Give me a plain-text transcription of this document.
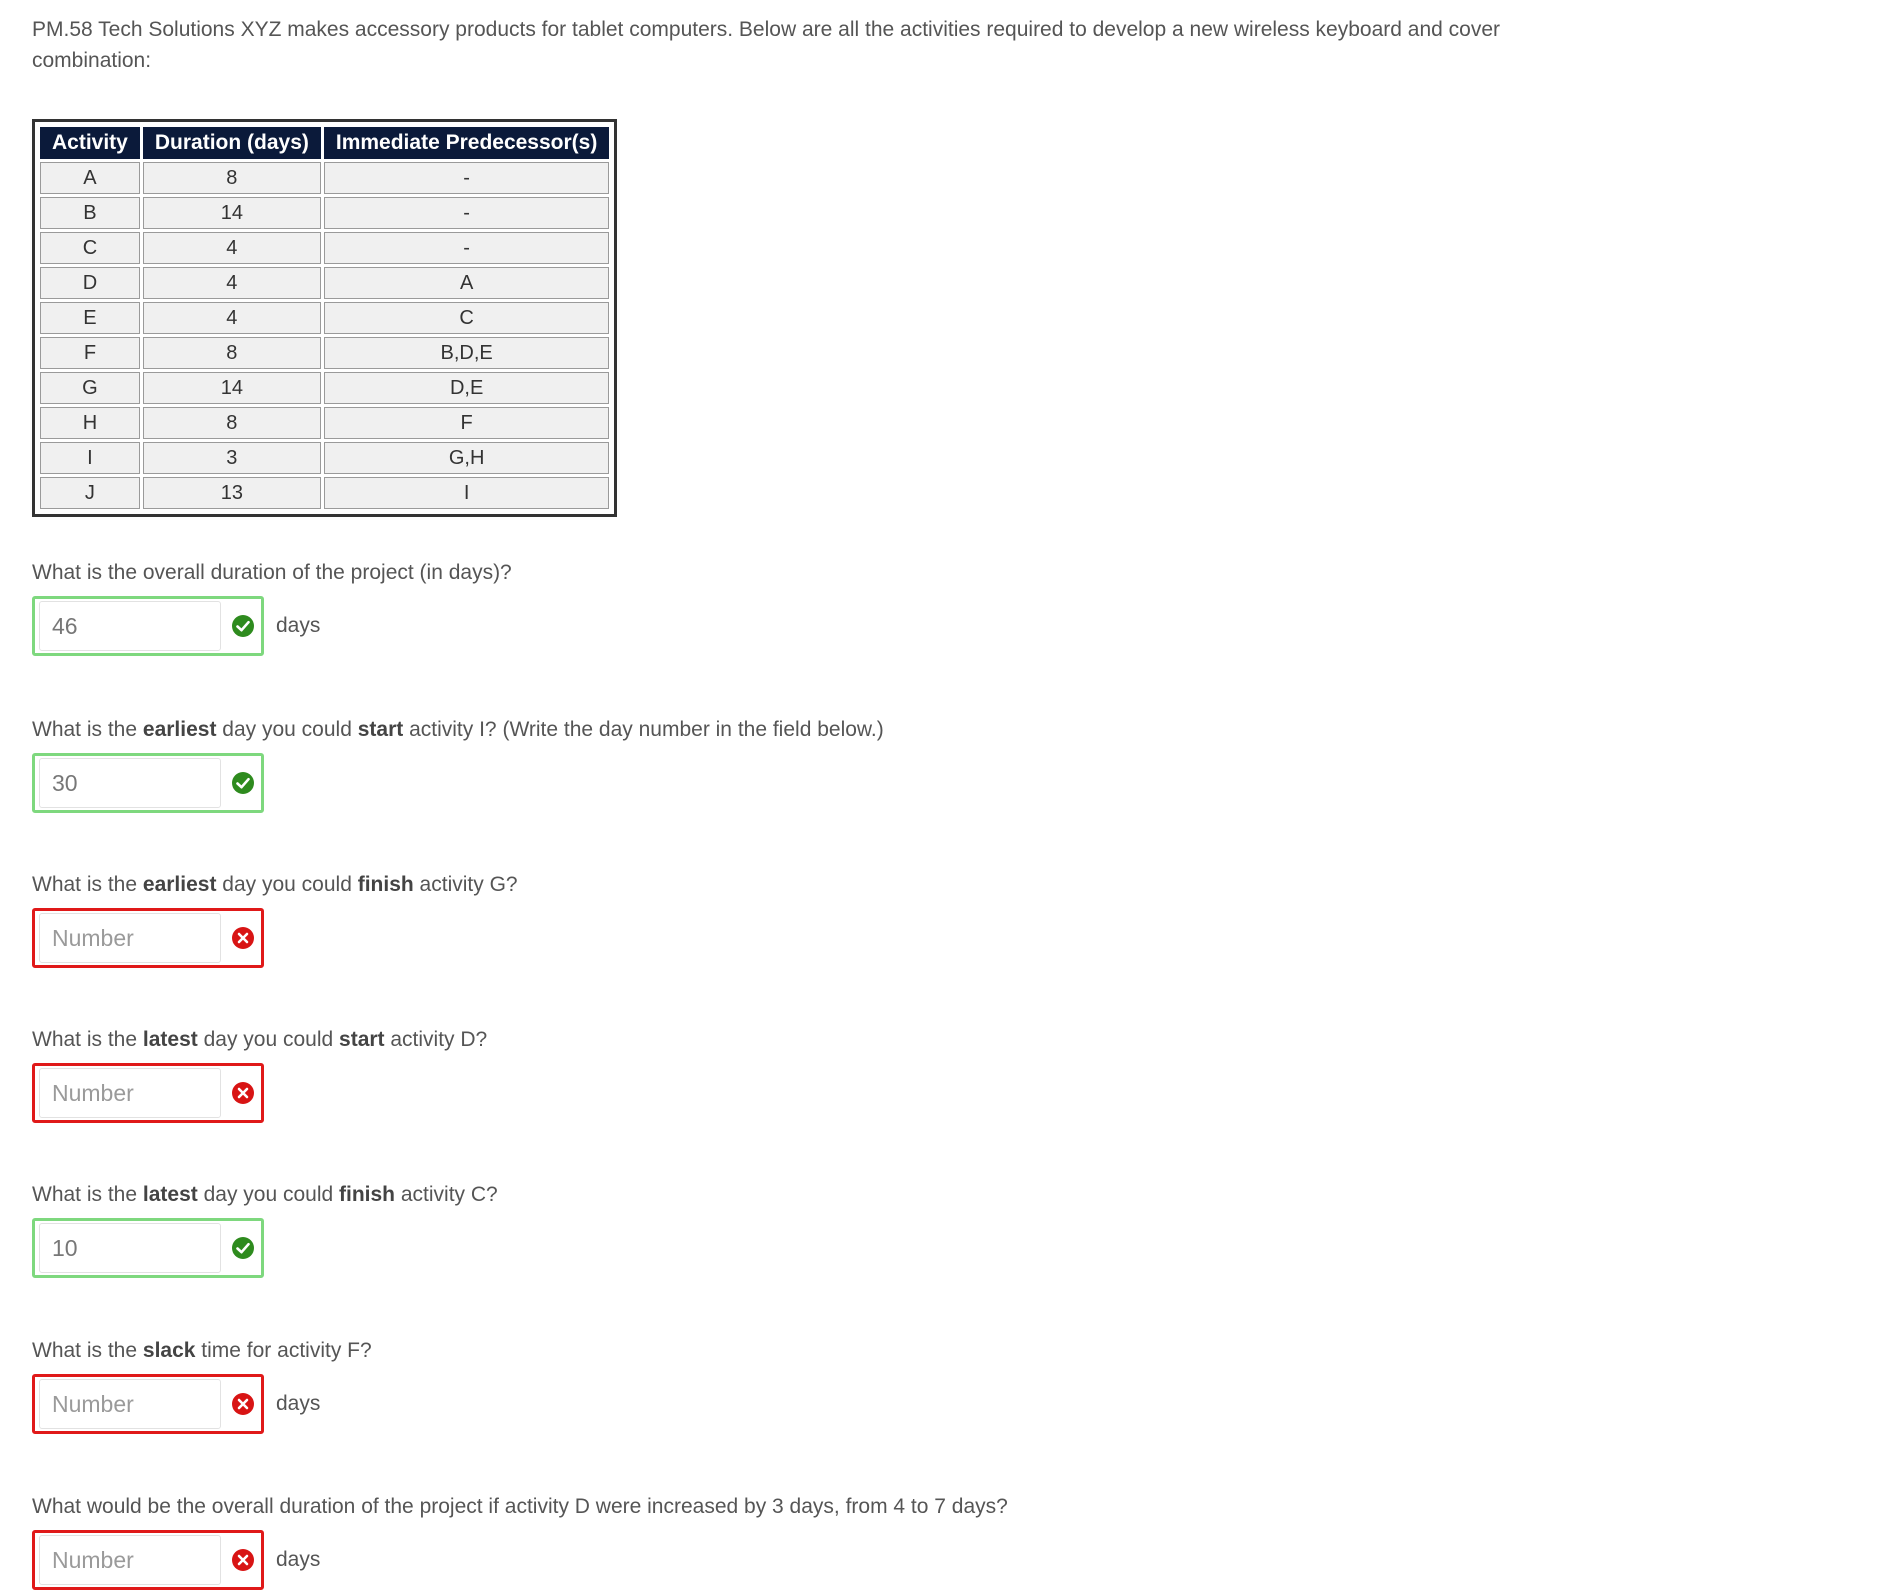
PM.58 Tech Solutions XYZ makes accessory products for tablet computers. Below are all the activities required to develop a new wireless keyboard and cover combination:

Activity	Duration (days)	Immediate Predecessor(s)
A	8	-
B	14	-
C	4	-
D	4	A
E	4	C
F	8	B,D,E
G	14	D,E
H	8	F
I	3	G,H
J	13	I

What is the overall duration of the project (in days)?

46
days

What is the earliest day you could start activity I? (Write the day number in the field below.)

30

What is the earliest day you could finish activity G?

Number

What is the latest day you could start activity D?

Number

What is the latest day you could finish activity C?

10

What is the slack time for activity F?

Number
days

What would be the overall duration of the project if activity D were increased by 3 days, from 4 to 7 days?

Number
days
